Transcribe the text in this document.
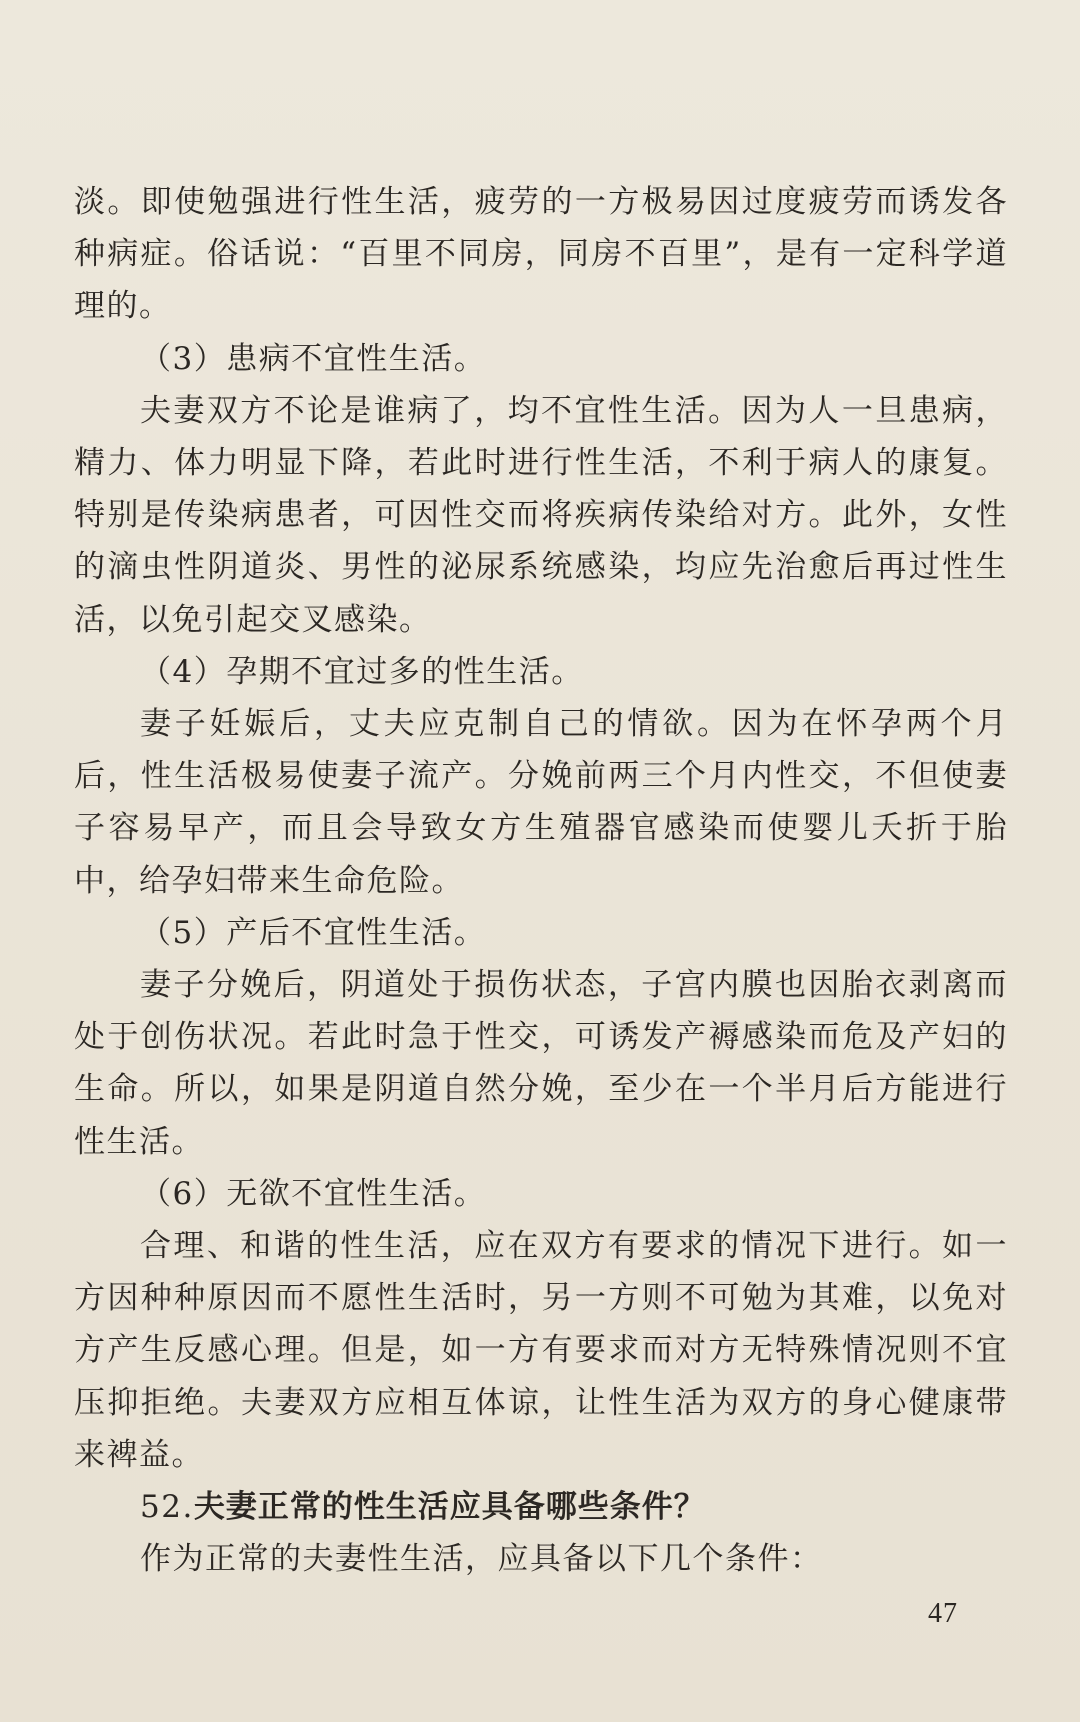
淡。即使勉强进行性生活，疲劳的一方极易因过度疲劳而诱发各种病症。俗话说：“百里不同房，同房不百里”，是有一定科学道理的。

（3）患病不宜性生活。

夫妻双方不论是谁病了，均不宜性生活。因为人一旦患病，精力、体力明显下降，若此时进行性生活，不利于病人的康复。特别是传染病患者，可因性交而将疾病传染给对方。此外，女性的滴虫性阴道炎、男性的泌尿系统感染，均应先治愈后再过性生活，以免引起交叉感染。

（4）孕期不宜过多的性生活。

妻子妊娠后，丈夫应克制自己的情欲。因为在怀孕两个月后，性生活极易使妻子流产。分娩前两三个月内性交，不但使妻子容易早产，而且会导致女方生殖器官感染而使婴儿夭折于胎中，给孕妇带来生命危险。

（5）产后不宜性生活。

妻子分娩后，阴道处于损伤状态，子宫内膜也因胎衣剥离而处于创伤状况。若此时急于性交，可诱发产褥感染而危及产妇的生命。所以，如果是阴道自然分娩，至少在一个半月后方能进行性生活。

（6）无欲不宜性生活。

合理、和谐的性生活，应在双方有要求的情况下进行。如一方因种种原因而不愿性生活时，另一方则不可勉为其难，以免对方产生反感心理。但是，如一方有要求而对方无特殊情况则不宜压抑拒绝。夫妻双方应相互体谅，让性生活为双方的身心健康带来裨益。

52.夫妻正常的性生活应具备哪些条件？

作为正常的夫妻性生活，应具备以下几个条件：

47
